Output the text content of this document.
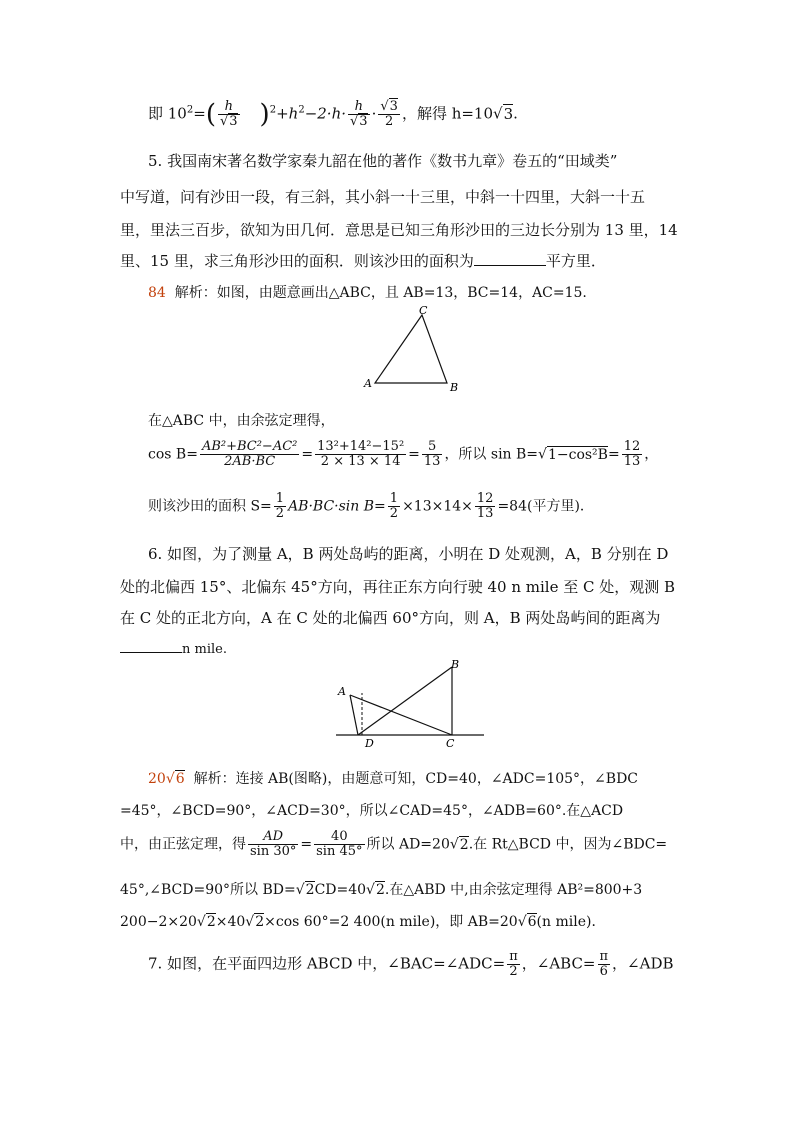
即 $10^2=( \frac{h}{√3} )^2+h^2-2\cdot h\cdot \frac{h}{√3} \cdot \frac{√3}{2}$ ，解得 h=10√3.
5. 我国南宋著名数学家秦九韶在他的著作《数书九章》卷五的“田域类”
中写道，问有沙田一段，有三斜，其小斜一十三里，中斜一十四里，大斜一十五
里，里法三百步，欲知为田几何．意思是已知三角形沙田的三边长分别为 13 里，14
里、15 里，求三角形沙田的面积．则该沙田的面积为	平方里．
84 解析：如图，由题意画出△ABC，且 AB=13，BC=14，AC=15.
C
A	B
在△ABC 中，由余弦定理得，
$\cos B= \frac{\text{AB²+BC²−AC²}}{2AB\cdot BC} = \frac{\text{13²+14²−15²}}{2 \times 13 \times 14} = \frac{5}{13}$ ，所以 $\sin B=√1-\cos^2B= \frac{12}{13}$ ，
则该沙田的面积 $S= \frac{1}{2} AB\cdot BC\cdot\sin$ $B= \frac{1}{2} \times 13\times 14\times \frac{12}{13} =84$(平方里)．
6. 如图，为了测量 A，B 两处岛屿的距离，小明在 D 处观测，A，B 分别在 D
处的北偏西 15°、北偏东 45°方向，再往正东方向行驶 40 n mile 至 C 处，观测 B
在 C 处的正北方向，A 在 C 处的北偏西 60°方向，则 A，B 两处岛屿间的距离为
n mile.
A
B
C
D
20√6 解析：连接 AB(图略)，由题意可知，CD=40，∠ADC=105°，∠BDC
=45°，∠BCD=90°，∠ACD=30°，所以∠CAD=45°，∠ADB=60°.在△ACD
中，由正弦定理，得 $\frac{AD}{\sin 30^\circ} = \frac{40}{\sin 45^\circ}$ 所以 AD=20√2.在 Rt△BCD 中，因为∠BDC=
45°,∠BCD=90°所以 BD=√2CD=40√2.在△ABD 中,由余弦定理得 AB²=800+3
200−2×20√2×40√2×cos 60°=2 400(n mile)，即 AB=20√6(n mile)．
7. 如图，在平面四边形 ABCD 中，∠BAC=∠ADC= $\frac{\pi}{2}$ ，∠ABC= $\frac{\pi}{6}$ ，∠ADB
